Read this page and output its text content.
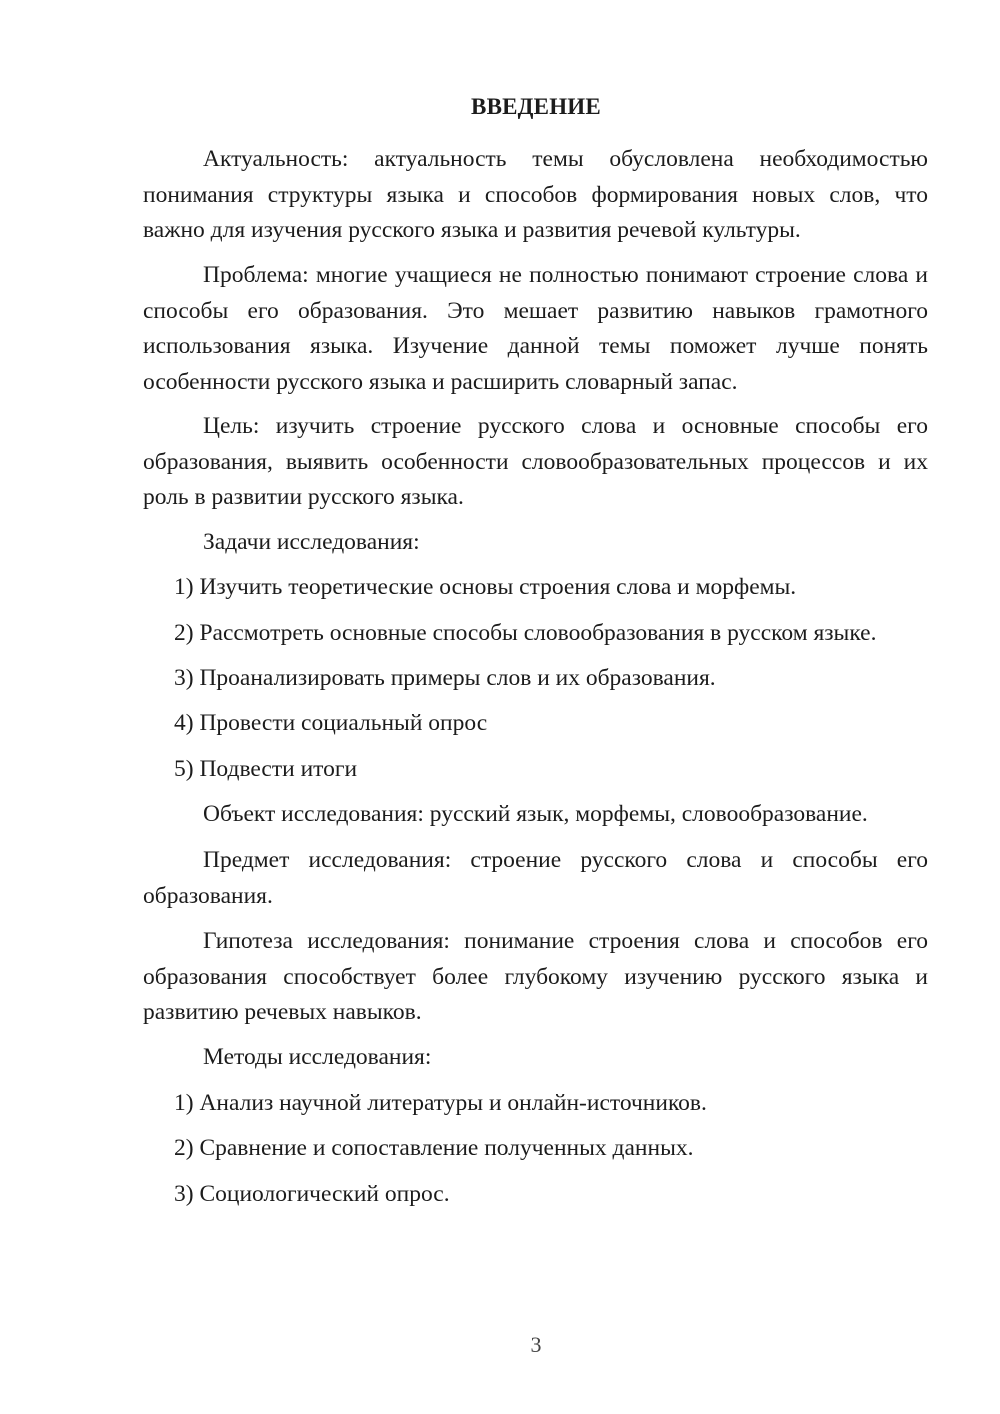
ВВЕДЕНИЕ

Актуальность: актуальность темы обусловлена необходимостью понимания структуры языка и способов формирования новых слов, что важно для изучения русского языка и развития речевой культуры.

Проблема: многие учащиеся не полностью понимают строение слова и способы его образования. Это мешает развитию навыков грамотного использования языка. Изучение данной темы поможет лучше понять особенности русского языка и расширить словарный запас.

Цель: изучить строение русского слова и основные способы его образования, выявить особенности словообразовательных процессов и их роль в развитии русского языка.

Задачи исследования:

1) Изучить теоретические основы строения слова и морфемы.

2) Рассмотреть основные способы словообразования в русском языке.

3) Проанализировать примеры слов и их образования.

4) Провести социальный опрос

5) Подвести итоги

Объект исследования: русский язык, морфемы, словообразование.

Предмет исследования: строение русского слова и способы его образования.

Гипотеза исследования: понимание строения слова и способов его образования способствует более глубокому изучению русского языка и развитию речевых навыков.

Методы исследования:

1) Анализ научной литературы и онлайн-источников.

2) Сравнение и сопоставление полученных данных.

3) Социологический опрос.

3
